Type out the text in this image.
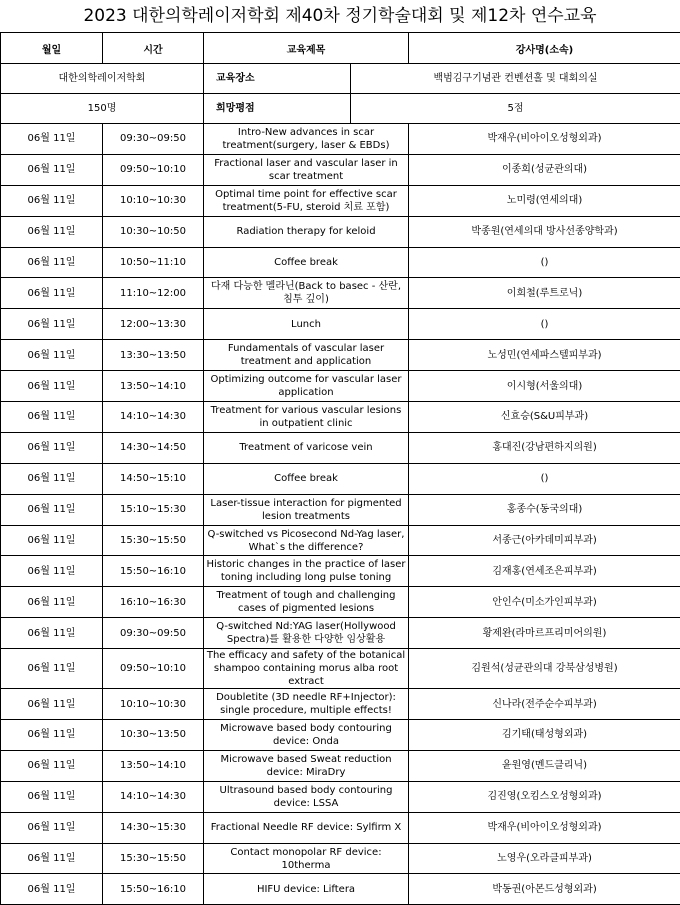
2023 대한의학레이저학회 제40차 정기학술대회 및 제12차 연수교육
대한의학레이저학회		교육장소	백범김구기념관 컨벤션홀 및 대회의실	
150명		희망평점	5점	
월일	시간	교육제목		강사명(소속)
06월 11일	09:30~09:50	Intro-New advances in scar treatment(surgery, laser & EBDs)		박재우(비아이오성형외과)
06월 11일	09:50~10:10	Fractional laser and vascular laser in scar treatment		이종희(성균관의대)
06월 11일	10:10~10:30	Optimal time point for effective scar treatment(5-FU, steroid 치료 포함)		노미령(연세의대)
06월 11일	10:30~10:50	Radiation therapy for keloid		박종원(연세의대 방사선종양학과)
06월 11일	10:50~11:10	Coffee break		()
06월 11일	11:10~12:00	다재 다능한 멜라닌(Back to basec - 산란, 침투 깊이)		이희철(루트로닉)
06월 11일	12:00~13:30	Lunch		()
06월 11일	13:30~13:50	Fundamentals of vascular laser treatment and application		노성민(연세파스텔피부과)
06월 11일	13:50~14:10	Optimizing outcome for vascular laser application		이시형(서울의대)
06월 11일	14:10~14:30	Treatment for various vascular lesions in outpatient clinic		신효승(S&U피부과)
06월 11일	14:30~14:50	Treatment of varicose vein		홍대진(강남편하지의원)
06월 11일	14:50~15:10	Coffee break		()
06월 11일	15:10~15:30	Laser-tissue interaction for pigmented lesion treatments		홍종수(동국의대)
06월 11일	15:30~15:50	Q-switched vs Picosecond Nd-Yag laser, What`s the difference?		서종근(아카데미피부과)
06월 11일	15:50~16:10	Historic changes in the practice of laser toning including long pulse toning		김재홍(연세조은피부과)
06월 11일	16:10~16:30	Treatment of tough and challenging cases of pigmented lesions		안인수(미소가인피부과)
06월 11일	09:30~09:50	Q-switched Nd:YAG laser(Hollywood Spectra)를 활용한 다양한 임상활용		황제완(라마르프리미어의원)
06월 11일	09:50~10:10	The efficacy and safety of the botanical shampoo containing morus alba root extract		김원석(성균관의대 강북삼성병원)
06월 11일	10:10~10:30	Doubletite (3D needle RF+Injector): single procedure, multiple effects!		신나라(전주순수피부과)
06월 11일	10:30~13:50	Microwave based body contouring device: Onda		김기태(태성형외과)
06월 11일	13:50~14:10	Microwave based Sweat reduction device: MiraDry		윤원영(멘드클리닉)
06월 11일	14:10~14:30	Ultrasound based body contouring device: LSSA		김진영(오킴스오성형외과)
06월 11일	14:30~15:30	Fractional Needle RF device: Sylfirm X		박재우(비아이오성형외과)
06월 11일	15:30~15:50	Contact monopolar RF device: 10therma		노영우(오라클피부과)
06월 11일	15:50~16:10	HIFU device: Liftera		박동권(아몬드성형외과)
